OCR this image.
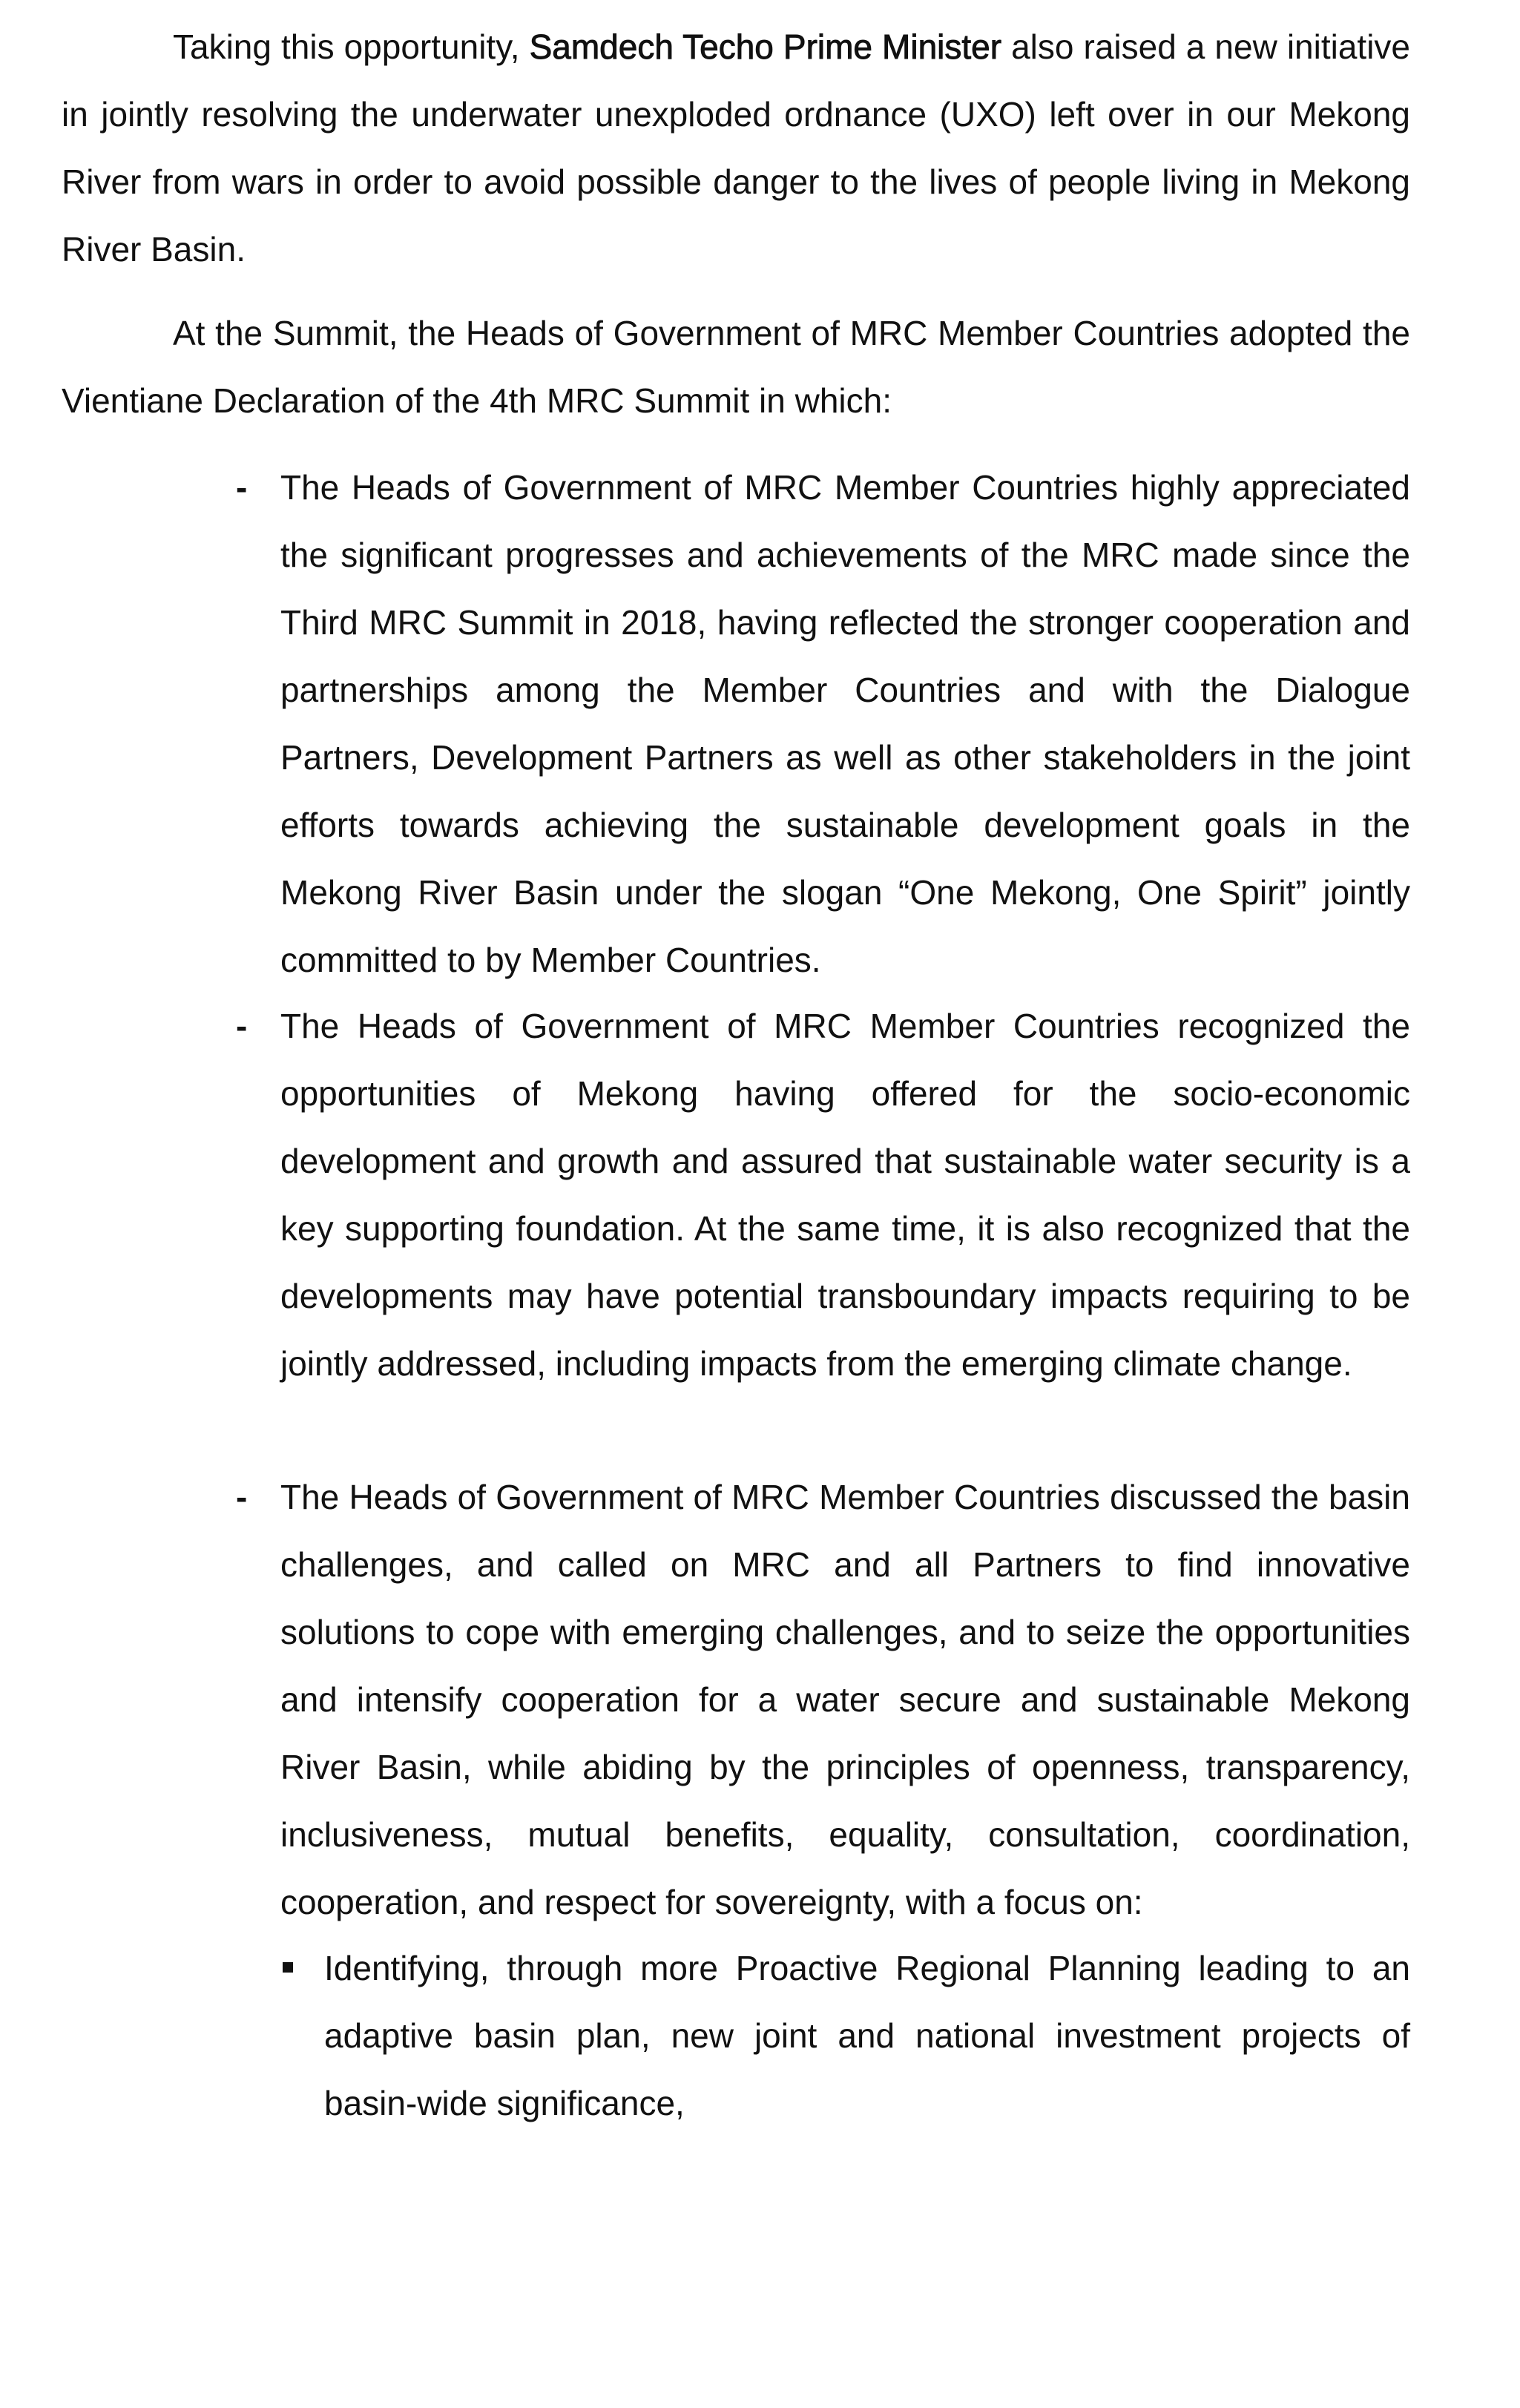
Taking this opportunity, Samdech Techo Prime Minister also raised a new initiative in jointly resolving the underwater unexploded ordnance (UXO) left over in our Mekong River from wars in order to avoid possible danger to the lives of people living in Mekong River Basin.

At the Summit, the Heads of Government of MRC Member Countries adopted the Vientiane Declaration of the 4th MRC Summit in which:

- The Heads of Government of MRC Member Countries highly appreciated the significant progresses and achievements of the MRC made since the Third MRC Summit in 2018, having reflected the stronger cooperation and partnerships among the Member Countries and with the Dialogue Partners, Development Partners as well as other stakeholders in the joint efforts towards achieving the sustainable development goals in the Mekong River Basin under the slogan “One Mekong, One Spirit” jointly committed to by Member Countries.
- The Heads of Government of MRC Member Countries recognized the opportunities of Mekong having offered for the socio-economic development and growth and assured that sustainable water security is a key supporting foundation. At the same time, it is also recognized that the developments may have potential transboundary impacts requiring to be jointly addressed, including impacts from the emerging climate change.
- The Heads of Government of MRC Member Countries discussed the basin challenges, and called on MRC and all Partners to find innovative solutions to cope with emerging challenges, and to seize the opportunities and intensify cooperation for a water secure and sustainable Mekong River Basin, while abiding by the principles of openness, transparency, inclusiveness, mutual benefits, equality, consultation, coordination, cooperation, and respect for sovereignty, with a focus on:
Identifying, through more Proactive Regional Planning leading to an adaptive basin plan, new joint and national investment projects of basin-wide significance,
